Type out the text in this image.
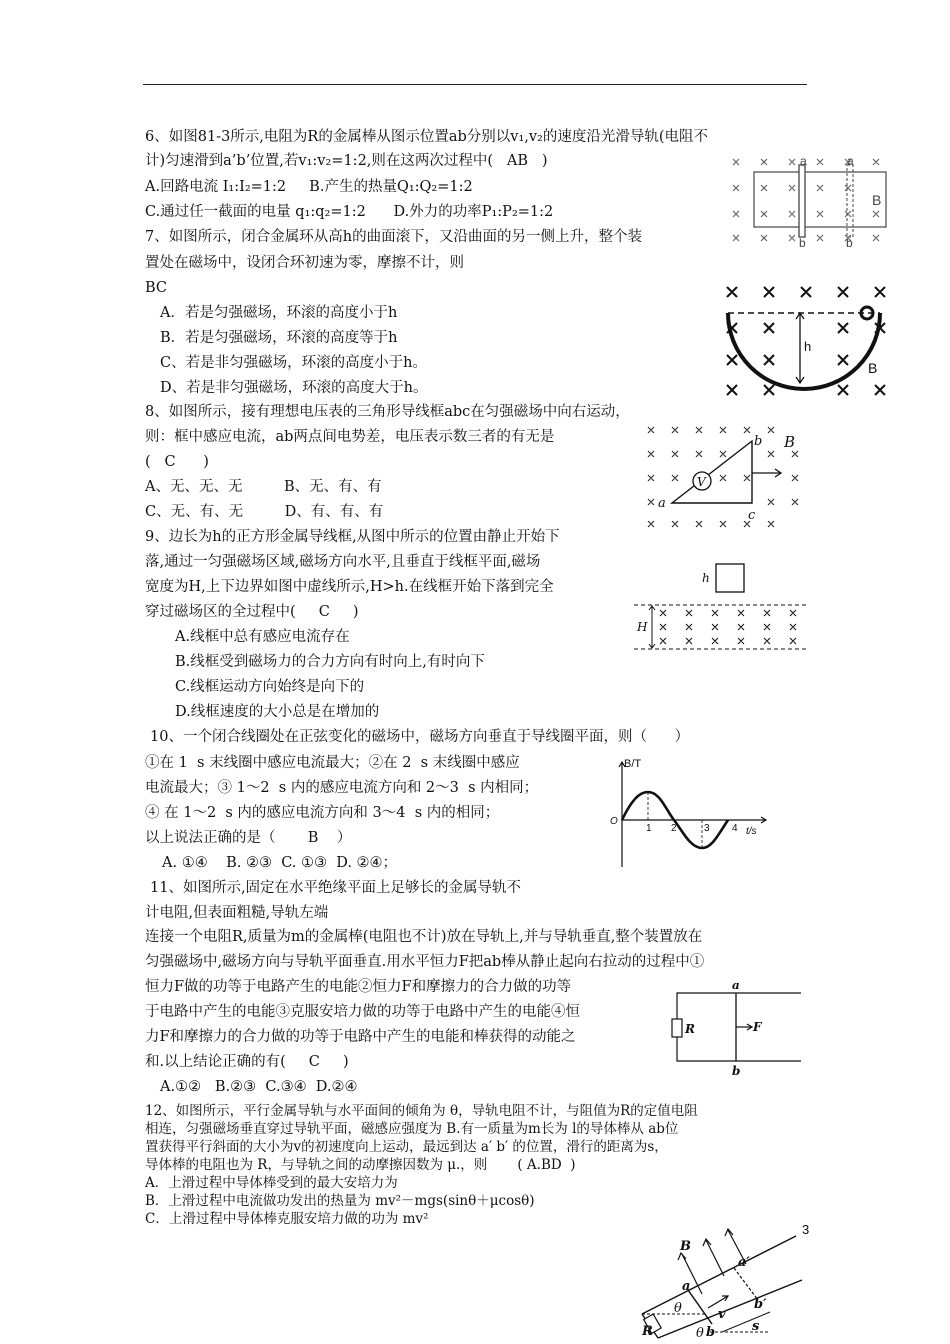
6、如图81-3所示,电阻为R的金属棒从图示位置ab分别以v₁,v₂的速度沿光滑导轨(电阻不
计)匀速滑到a’b’位置,若v₁:v₂=1:2,则在这两次过程中(   AB   )
A.回路电流 I₁:I₂=1:2     B.产生的热量Q₁:Q₂=1:2
C.通过任一截面的电量 q₁:q₂=1:2      D.外力的功率P₁:P₂=1:2
7、如图所示，闭合金属环从高h的曲面滚下，又沿曲面的另一侧上升，整个装
置处在磁场中，设闭合环初速为零，摩擦不计，则
BC
A．若是匀强磁场，环滚的高度小于h
B．若是匀强磁场，环滚的高度等于h
C、若是非匀强磁场，环滚的高度小于h。
D、若是非匀强磁场，环滚的高度大于h。
8、如图所示，接有理想电压表的三角形导线框abc在匀强磁场中向右运动，
则：框中感应电流，ab两点间电势差，电压表示数三者的有无是
(   C      )
A、无、无、无         B、无、有、有
C、无、有、无         D、有、有、有
9、边长为h的正方形金属导线框,从图中所示的位置由静止开始下
落,通过一匀强磁场区域,磁场方向水平,且垂直于线框平面,磁场
宽度为H,上下边界如图中虚线所示,H>h.在线框开始下落到完全
穿过磁场区的全过程中(     C     )
A.线框中总有感应电流存在
B.线框受到磁场力的合力方向有时向上,有时向下
C.线框运动方向始终是向下的
D.线框速度的大小总是在增加的
10、一个闭合线圈处在正弦变化的磁场中，磁场方向垂直于导线圈平面，则（      ）
①在 1  s 末线圈中感应电流最大；②在 2  s 末线圈中感应
电流最大；③ 1～2  s 内的感应电流方向和 2～3  s 内相同；
④ 在 1～2  s 内的感应电流方向和 3～4  s 内的相同；
以上说法正确的是（       B    ）
A. ①④    B. ②③  C. ①③  D. ②④；
11、如图所示,固定在水平绝缘平面上足够长的金属导轨不
计电阻,但表面粗糙,导轨左端
连接一个电阻R,质量为m的金属棒(电阻也不计)放在导轨上,并与导轨垂直,整个装置放在
匀强磁场中,磁场方向与导轨平面垂直.用水平恒力F把ab棒从静止起向右拉动的过程中①
恒力F做的功等于电路产生的电能②恒力F和摩擦力的合力做的功等
于电路中产生的电能③克服安培力做的功等于电路中产生的电能④恒
力F和摩擦力的合力做的功等于电路中产生的电能和棒获得的动能之
和.以上结论正确的有(     C     )
A.①②   B.②③  C.③④  D.②④
12、如图所示，平行金属导轨与水平面间的倾角为 θ，导轨电阻不计，与阻值为R的定值电阻
相连，匀强磁场垂直穿过导轨平面，磁感应强度为 B.有一质量为m长为 l的导体棒从 ab位
置获得平行斜面的大小为v的初速度向上运动，最远到达 a′ b′ 的位置，滑行的距离为s，
导体棒的电阻也为 R，与导轨之间的动摩擦因数为 μ.，则       ( A.BD  )
A．上滑过程中导体棒受到的最大安培力为
B．上滑过程中电流做功发出的热量为 mv²－mgs(sinθ＋μcosθ)
C．上滑过程中导体棒克服安培力做的功为 mv²
a	a
b	b
B
h
B
V
a
b
c
B
h
H
B/T
t/s
O
1 2	3 4
R	F
a
b
R
θ
θ
B
v
a
a′
b
b′
s
3
